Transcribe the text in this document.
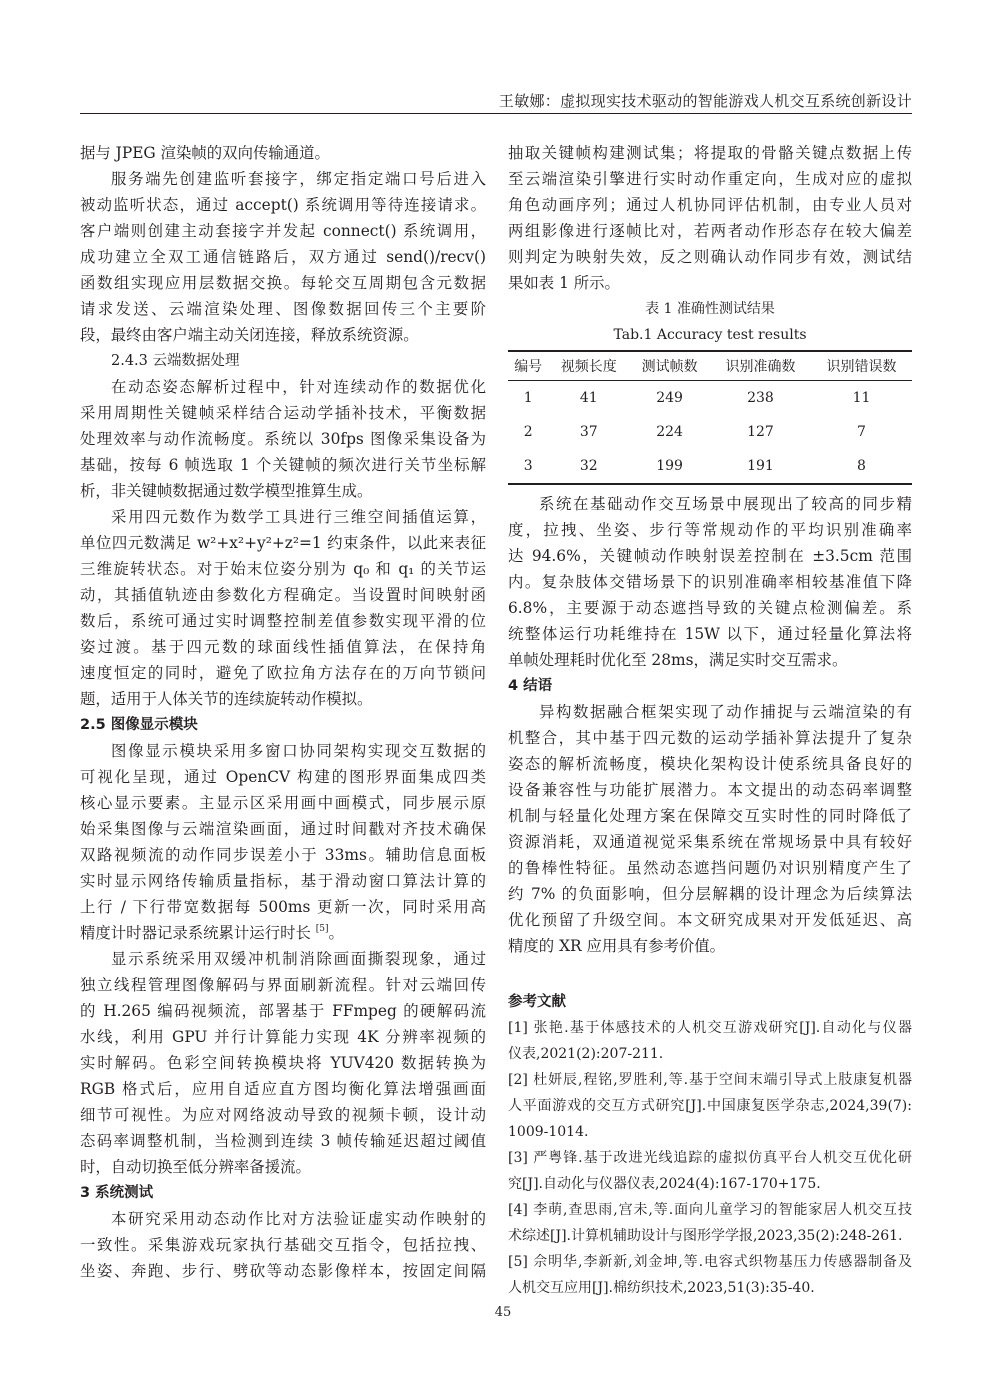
王敏娜：虚拟现实技术驱动的智能游戏人机交互系统创新设计
据与 JPEG 渲染帧的双向传输通道。
服务端先创建监听套接字，绑定指定端口号后进入
被动监听状态，通过 accept() 系统调用等待连接请求。
客户端则创建主动套接字并发起 connect() 系统调用，
成功建立全双工通信链路后，双方通过 send()/recv()
函数组实现应用层数据交换。每轮交互周期包含元数据
请求发送、云端渲染处理、图像数据回传三个主要阶
段，最终由客户端主动关闭连接，释放系统资源。
2.4.3 云端数据处理
在动态姿态解析过程中，针对连续动作的数据优化
采用周期性关键帧采样结合运动学插补技术，平衡数据
处理效率与动作流畅度。系统以 30fps 图像采集设备为
基础，按每 6 帧选取 1 个关键帧的频次进行关节坐标解
析，非关键帧数据通过数学模型推算生成。
采用四元数作为数学工具进行三维空间插值运算，
单位四元数满足 w²+x²+y²+z²=1 约束条件，以此来表征
三维旋转状态。对于始末位姿分别为 q₀ 和 q₁ 的关节运
动，其插值轨迹由参数化方程确定。当设置时间映射函
数后，系统可通过实时调整控制差值参数实现平滑的位
姿过渡。基于四元数的球面线性插值算法，在保持角
速度恒定的同时，避免了欧拉角方法存在的万向节锁问
题，适用于人体关节的连续旋转动作模拟。
2.5 图像显示模块
图像显示模块采用多窗口协同架构实现交互数据的
可视化呈现，通过 OpenCV 构建的图形界面集成四类
核心显示要素。主显示区采用画中画模式，同步展示原
始采集图像与云端渲染画面，通过时间戳对齐技术确保
双路视频流的动作同步误差小于 33ms。辅助信息面板
实时显示网络传输质量指标，基于滑动窗口算法计算的
上行 / 下行带宽数据每 500ms 更新一次，同时采用高
精度计时器记录系统累计运行时长 [5]。
显示系统采用双缓冲机制消除画面撕裂现象，通过
独立线程管理图像解码与界面刷新流程。针对云端回传
的 H.265 编码视频流，部署基于 FFmpeg 的硬解码流
水线，利用 GPU 并行计算能力实现 4K 分辨率视频的
实时解码。色彩空间转换模块将 YUV420 数据转换为
RGB 格式后，应用自适应直方图均衡化算法增强画面
细节可视性。为应对网络波动导致的视频卡顿，设计动
态码率调整机制，当检测到连续 3 帧传输延迟超过阈值
时，自动切换至低分辨率备援流。
3 系统测试
本研究采用动态动作比对方法验证虚实动作映射的
一致性。采集游戏玩家执行基础交互指令，包括拉拽、
坐姿、奔跑、步行、劈砍等动态影像样本，按固定间隔
抽取关键帧构建测试集；将提取的骨骼关键点数据上传
至云端渲染引擎进行实时动作重定向，生成对应的虚拟
角色动画序列；通过人机协同评估机制，由专业人员对
两组影像进行逐帧比对，若两者动作形态存在较大偏差
则判定为映射失效，反之则确认动作同步有效，测试结
果如表 1 所示。
表 1 准确性测试结果
Tab.1 Accuracy test results
编号	视频长度	测试帧数	识别准确数	识别错误数
1	41	249	238	11
2	37	224	127	7
3	32	199	191	8
系统在基础动作交互场景中展现出了较高的同步精
度，拉拽、坐姿、步行等常规动作的平均识别准确率
达 94.6%，关键帧动作映射误差控制在 ±3.5cm 范围
内。复杂肢体交错场景下的识别准确率相较基准值下降
6.8%，主要源于动态遮挡导致的关键点检测偏差。系
统整体运行功耗维持在 15W 以下，通过轻量化算法将
单帧处理耗时优化至 28ms，满足实时交互需求。
4 结语
异构数据融合框架实现了动作捕捉与云端渲染的有
机整合，其中基于四元数的运动学插补算法提升了复杂
姿态的解析流畅度，模块化架构设计使系统具备良好的
设备兼容性与功能扩展潜力。本文提出的动态码率调整
机制与轻量化处理方案在保障交互实时性的同时降低了
资源消耗，双通道视觉采集系统在常规场景中具有较好
的鲁棒性特征。虽然动态遮挡问题仍对识别精度产生了
约 7% 的负面影响，但分层解耦的设计理念为后续算法
优化预留了升级空间。本文研究成果对开发低延迟、高
精度的 XR 应用具有参考价值。
参考文献
[1] 张艳.基于体感技术的人机交互游戏研究[J].自动化与仪器
仪表,2021(2):207-211.
[2] 杜妍辰,程铭,罗胜利,等.基于空间末端引导式上肢康复机器
人平面游戏的交互方式研究[J].中国康复医学杂志,2024,39(7):
1009-1014.
[3] 严粤锋.基于改进光线追踪的虚拟仿真平台人机交互优化研
究[J].自动化与仪器仪表,2024(4):167-170+175.
[4] 李萌,查思雨,宫未,等.面向儿童学习的智能家居人机交互技
术综述[J].计算机辅助设计与图形学学报,2023,35(2):248-261.
[5] 佘明华,李新新,刘金坤,等.电容式织物基压力传感器制备及
人机交互应用[J].棉纺织技术,2023,51(3):35-40.
45
